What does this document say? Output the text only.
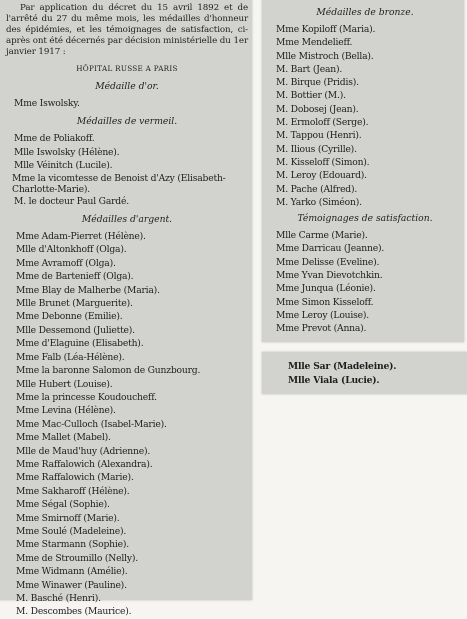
Par application du décret du 15 avril 1892 et de l'arrêté du 27 du même mois, les médailles d'honneur des épidémies, et les témoignages de satisfaction, ci-après ont été décernés par décision ministérielle du 1er janvier 1917 :

HÔPITAL RUSSE A PARIS
Médaille d'or.
Mme Iswolsky.
Médailles de vermeil.
Mme de Poliakoff.
Mlle Iswolsky (Hélène).
Mlle Véinitch (Lucile).
Mme la vicomtesse de Benoist d'Azy (Elisabeth-Charlotte-Marie).
M. le docteur Paul Gardé.
Médailles d'argent.
Mme Adam-Pierret (Hélène).
Mlle d'Altonkhoff (Olga).
Mme Avramoff (Olga).
Mme de Bartenieff (Olga).
Mme Blay de Malherbe (Maria).
Mlle Brunet (Marguerite).
Mme Debonne (Emilie).
Mlle Dessemond (Juliette).
Mme d'Elaguine (Elisabeth).
Mme Falb (Léa-Hélène).
Mme la baronne Salomon de Gunzbourg.
Mlle Hubert (Louise).
Mme la princesse Koudoucheff.
Mme Levina (Hélène).
Mme Mac-Culloch (Isabel-Marie).
Mme Mallet (Mabel).
Mlle de Maud'huy (Adrienne).
Mme Raffalowich (Alexandra).
Mme Raffalowich (Marie).
Mme Sakharoff (Hélène).
Mme Ségal (Sophie).
Mme Smirnoff (Marie).
Mme Soulé (Madeleine).
Mme Starmann (Sophie).
Mme de Stroumillo (Nelly).
Mme Widmann (Amélie).
Mme Winawer (Pauline).
M. Basché (Henri).
M. Descombes (Maurice).
Médailles de bronze.
Mme Kopiloff (Maria).
Mme Mendelieff.
Mlle Mistroch (Bella).
M. Bart (Jean).
M. Birque (Pridis).
M. Bottier (M.).
M. Dobosej (Jean).
M. Ermoloff (Serge).
M. Tappou (Henri).
M. Ilious (Cyrille).
M. Kisseloff (Simon).
M. Leroy (Edouard).
M. Pache (Alfred).
M. Yarko (Siméon).
Témoignages de satisfaction.
Mlle Carme (Marie).
Mme Darricau (Jeanne).
Mme Delisse (Eveline).
Mme Yvan Dievotchkin.
Mme Junqua (Léonie).
Mme Simon Kisseloff.
Mme Leroy (Louise).
Mme Prevot (Anna).
Mlle Sar (Madeleine).
Mlle Viala (Lucie).
